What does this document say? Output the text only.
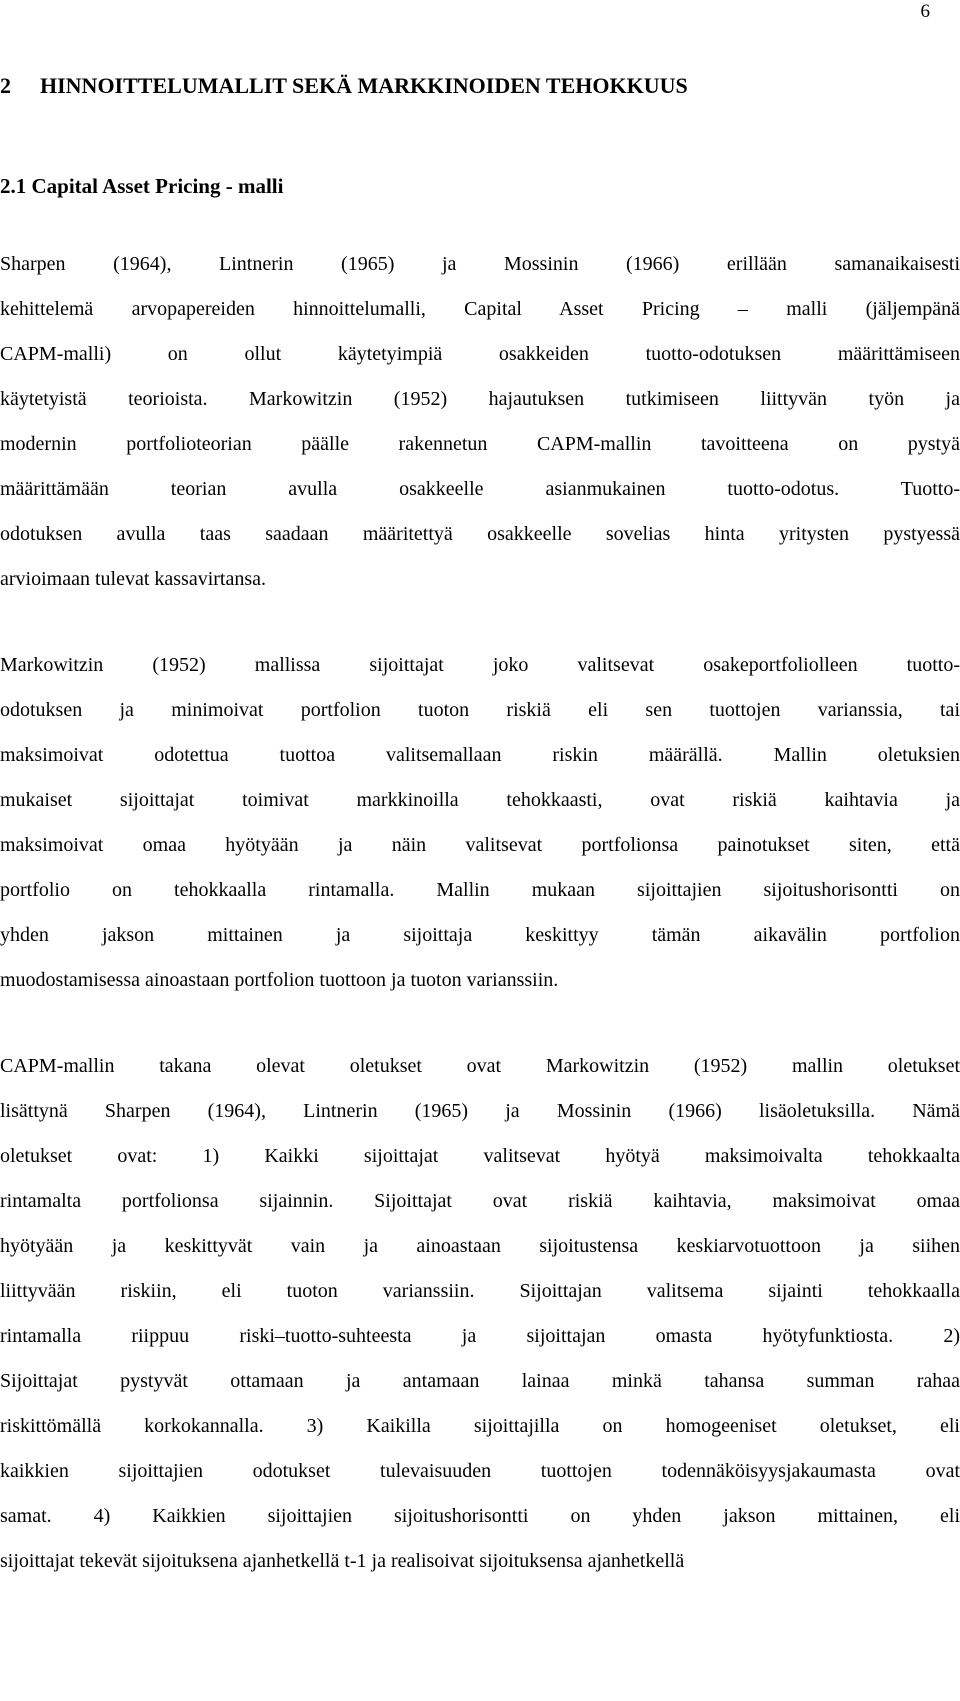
6
2 HINNOITTELUMALLIT SEKÄ MARKKINOIDEN TEHOKKUUS
2.1 Capital Asset Pricing - malli
Sharpen (1964), Lintnerin (1965) ja Mossinin (1966) erillään samanaikaisesti
kehittelemä arvopapereiden hinnoittelumalli, Capital Asset Pricing – malli (jäljempänä
CAPM-malli) on ollut käytetyimpiä osakkeiden tuotto-odotuksen määrittämiseen
käytetyistä teorioista. Markowitzin (1952) hajautuksen tutkimiseen liittyvän työn ja
modernin portfolioteorian päälle rakennetun CAPM-mallin tavoitteena on pystyä
määrittämään teorian avulla osakkeelle asianmukainen tuotto-odotus. Tuotto-
odotuksen avulla taas saadaan määritettyä osakkeelle sovelias hinta yritysten pystyessä
arvioimaan tulevat kassavirtansa.
Markowitzin (1952) mallissa sijoittajat joko valitsevat osakeportfoliolleen tuotto-
odotuksen ja minimoivat portfolion tuoton riskiä eli sen tuottojen varianssia, tai
maksimoivat odotettua tuottoa valitsemallaan riskin määrällä. Mallin oletuksien
mukaiset sijoittajat toimivat markkinoilla tehokkaasti, ovat riskiä kaihtavia ja
maksimoivat omaa hyötyään ja näin valitsevat portfolionsa painotukset siten, että
portfolio on tehokkaalla rintamalla. Mallin mukaan sijoittajien sijoitushorisontti on
yhden jakson mittainen ja sijoittaja keskittyy tämän aikavälin portfolion
muodostamisessa ainoastaan portfolion tuottoon ja tuoton varianssiin.
CAPM-mallin takana olevat oletukset ovat Markowitzin (1952) mallin oletukset
lisättynä Sharpen (1964), Lintnerin (1965) ja Mossinin (1966) lisäoletuksilla. Nämä
oletukset ovat: 1) Kaikki sijoittajat valitsevat hyötyä maksimoivalta tehokkaalta
rintamalta portfolionsa sijainnin. Sijoittajat ovat riskiä kaihtavia, maksimoivat omaa
hyötyään ja keskittyvät vain ja ainoastaan sijoitustensa keskiarvotuottoon ja siihen
liittyvään riskiin, eli tuoton varianssiin. Sijoittajan valitsema sijainti tehokkaalla
rintamalla riippuu riski–tuotto-suhteesta ja sijoittajan omasta hyötyfunktiosta. 2)
Sijoittajat pystyvät ottamaan ja antamaan lainaa minkä tahansa summan rahaa
riskittömällä korkokannalla. 3) Kaikilla sijoittajilla on homogeeniset oletukset, eli
kaikkien sijoittajien odotukset tulevaisuuden tuottojen todennäköisyysjakaumasta ovat
samat. 4) Kaikkien sijoittajien sijoitushorisontti on yhden jakson mittainen, eli
sijoittajat tekevät sijoituksena ajanhetkellä t-1 ja realisoivat sijoituksensa ajanhetkellä
